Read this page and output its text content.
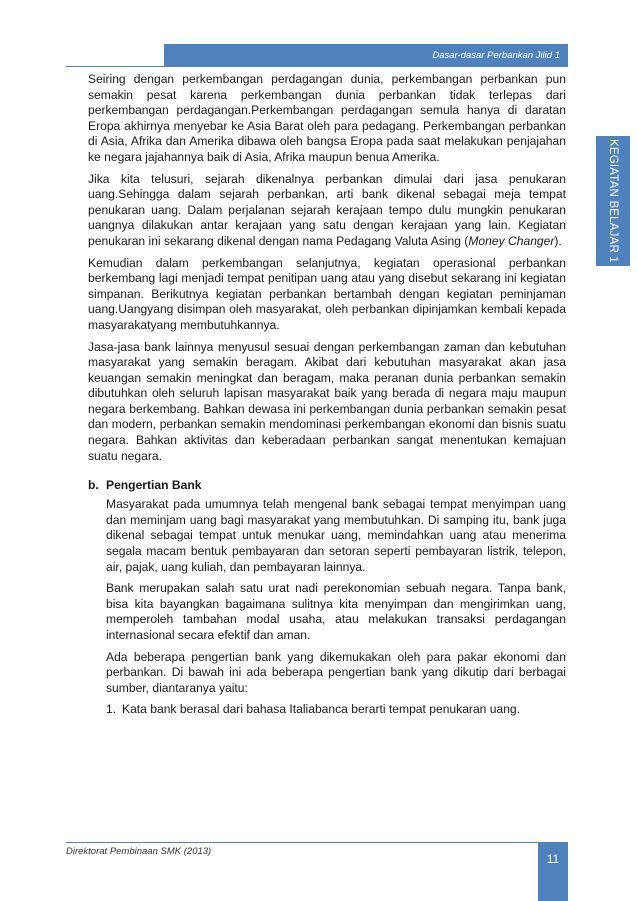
Dasar-dasar Perbankan Jilid 1
KEGIATAN BELAJAR 1

Seiring dengan perkembangan perdagangan dunia, perkembangan perbankan pun semakin pesat karena perkembangan dunia perbankan tidak terlepas dari perkembangan perdagangan.Perkembangan perdagangan semula hanya di daratan Eropa akhirnya menyebar ke Asia Barat oleh para pedagang. Perkembangan perbankan di Asia, Afrika dan Amerika dibawa oleh bangsa Eropa pada saat melakukan penjajahan ke negara jajahannya baik di Asia, Afrika maupun benua Amerika.

Jika kita telusuri, sejarah dikenalnya perbankan dimulai dari jasa penukaran uang.Sehingga dalam sejarah perbankan, arti bank dikenal sebagai meja tempat penukaran uang. Dalam perjalanan sejarah kerajaan tempo dulu mungkin penukaran uangnya dilakukan antar kerajaan yang satu dengan kerajaan yang lain. Kegiatan penukaran ini sekarang dikenal dengan nama Pedagang Valuta Asing (Money Changer).

Kemudian dalam perkembangan selanjutnya, kegiatan operasional perbankan berkembang lagi menjadi tempat penitipan uang atau yang disebut sekarang ini kegiatan simpanan. Berikutnya kegiatan perbankan bertambah dengan kegiatan peminjaman uang.Uangyang disimpan oleh masyarakat, oleh perbankan dipinjamkan kembali kepada masyarakatyang membutuhkannya.

Jasa-jasa bank lainnya menyusul sesuai dengan perkembangan zaman dan kebutuhan masyarakat yang semakin beragam. Akibat dari kebutuhan masyarakat akan jasa keuangan semakin meningkat dan beragam, maka peranan dunia perbankan semakin dibutuhkan oleh seluruh lapisan masyarakat baik yang berada di negara maju maupun negara berkembang. Bahkan dewasa ini perkembangan dunia perbankan semakin pesat dan modern, perbankan semakin mendominasi perkembangan ekonomi dan bisnis suatu negara. Bahkan aktivitas dan keberadaan perbankan sangat menentukan kemajuan suatu negara.

b. Pengertian Bank

Masyarakat pada umumnya telah mengenal bank sebagai tempat menyimpan uang dan meminjam uang bagi masyarakat yang membutuhkan. Di samping itu, bank juga dikenal sebagai tempat untuk menukar uang, memindahkan uang atau menerima segala macam bentuk pembayaran dan setoran seperti pembayaran listrik, telepon, air, pajak, uang kuliah, dan pembayaran lainnya.

Bank merupakan salah satu urat nadi perekonomian sebuah negara. Tanpa bank, bisa kita bayangkan bagaimana sulitnya kita menyimpan dan mengirimkan uang, memperoleh tambahan modal usaha, atau melakukan transaksi perdagangan internasional secara efektif dan aman.

Ada beberapa pengertian bank yang dikemukakan oleh para pakar ekonomi dan perbankan. Di bawah ini ada beberapa pengertian bank yang dikutip dari berbagai sumber, diantaranya yaitu:

1. Kata bank berasal dari bahasa Italiabanca berarti tempat penukaran uang.
Direktorat Pembinaan SMK (2013)
11
